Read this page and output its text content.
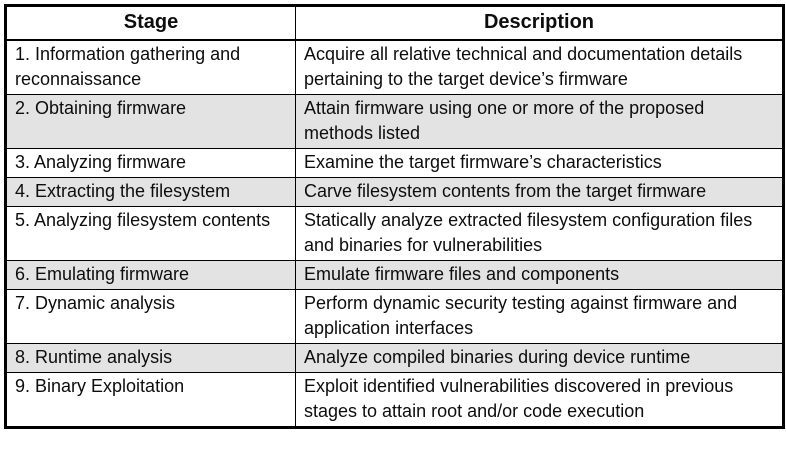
Stage	Description
1. Information gathering and reconnaissance	Acquire all relative technical and documentation details pertaining to the target device’s firmware
2. Obtaining firmware	Attain firmware using one or more of the proposed methods listed
3. Analyzing firmware	Examine the target firmware’s characteristics
4. Extracting the filesystem	Carve filesystem contents from the target firmware
5. Analyzing filesystem contents	Statically analyze extracted filesystem configuration files and binaries for vulnerabilities
6. Emulating firmware	Emulate firmware files and components
7. Dynamic analysis	Perform dynamic security testing against firmware and application interfaces
8. Runtime analysis	Analyze compiled binaries during device runtime
9. Binary Exploitation	Exploit identified vulnerabilities discovered in previous stages to attain root and/or code execution
